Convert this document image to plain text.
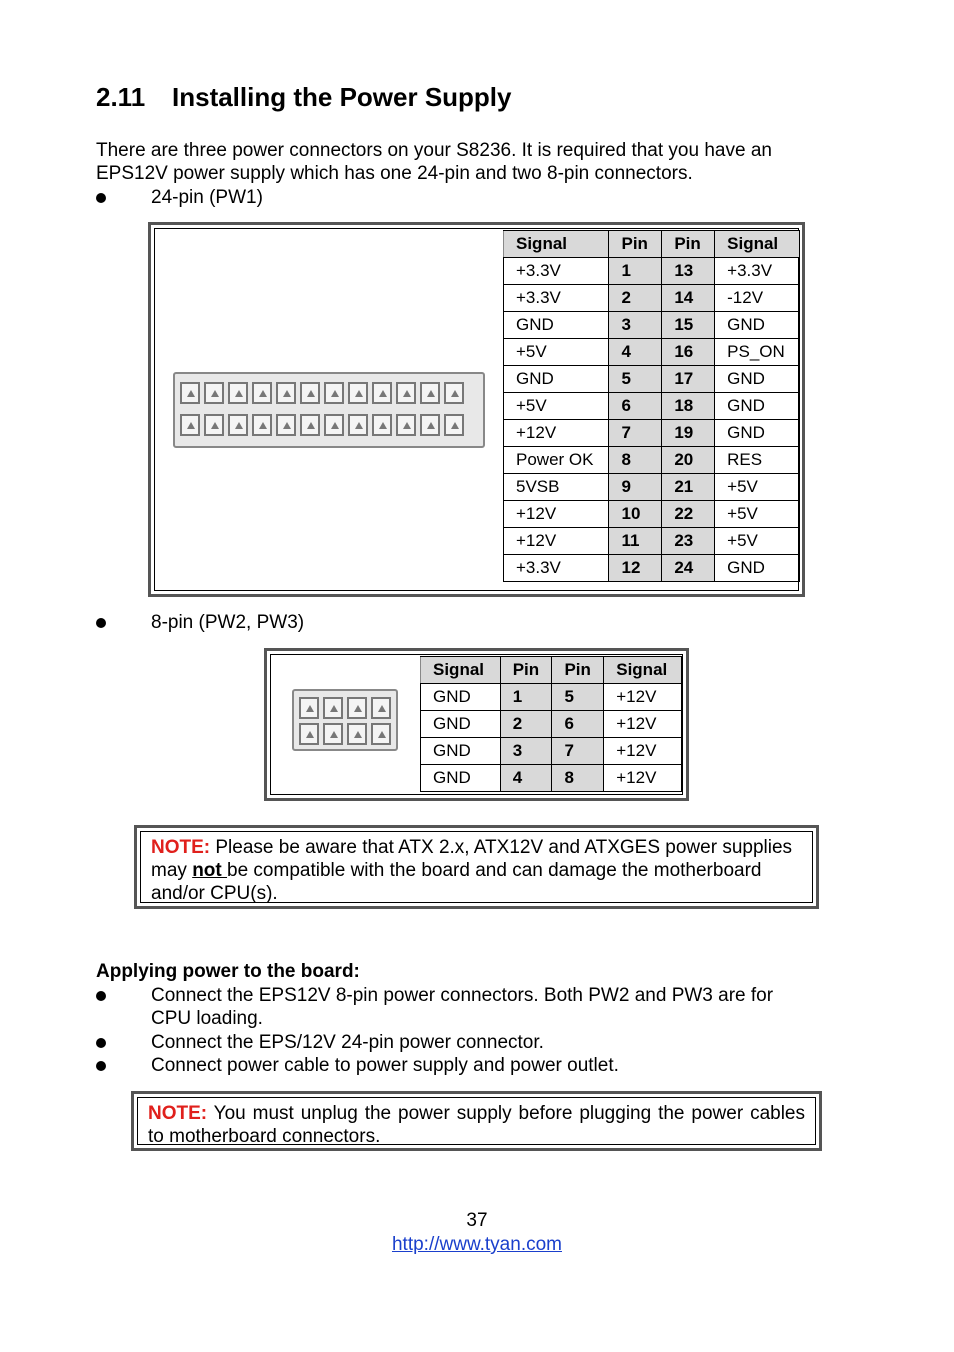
2.11 Installing the Power Supply
There are three power connectors on your S8236. It is required that you have an EPS12V power supply which has one 24-pin and two 8-pin connectors.
24-pin (PW1)
Signal	Pin	Pin	Signal
+3.3V	1	13	+3.3V
+3.3V	2	14	-12V
GND	3	15	GND
+5V	4	16	PS_ON
GND	5	17	GND
+5V	6	18	GND
+12V	7	19	GND
Power OK	8	20	RES
5VSB	9	21	+5V
+12V	10	22	+5V
+12V	11	23	+5V
+3.3V	12	24	GND
8-pin (PW2, PW3)
Signal	Pin	Pin	Signal
GND	1	5	+12V
GND	2	6	+12V
GND	3	7	+12V
GND	4	8	+12V
NOTE: Please be aware that ATX 2.x, ATX12V and ATXGES power supplies may not be compatible with the board and can damage the motherboard and/or CPU(s).
Applying power to the board:
Connect the EPS12V 8-pin power connectors. Both PW2 and PW3 are for
CPU loading.
Connect the EPS/12V 24-pin power connector.
Connect power cable to power supply and power outlet.
NOTE: You must unplug the power supply before plugging the power cables to motherboard connectors.
37
http://www.tyan.com
